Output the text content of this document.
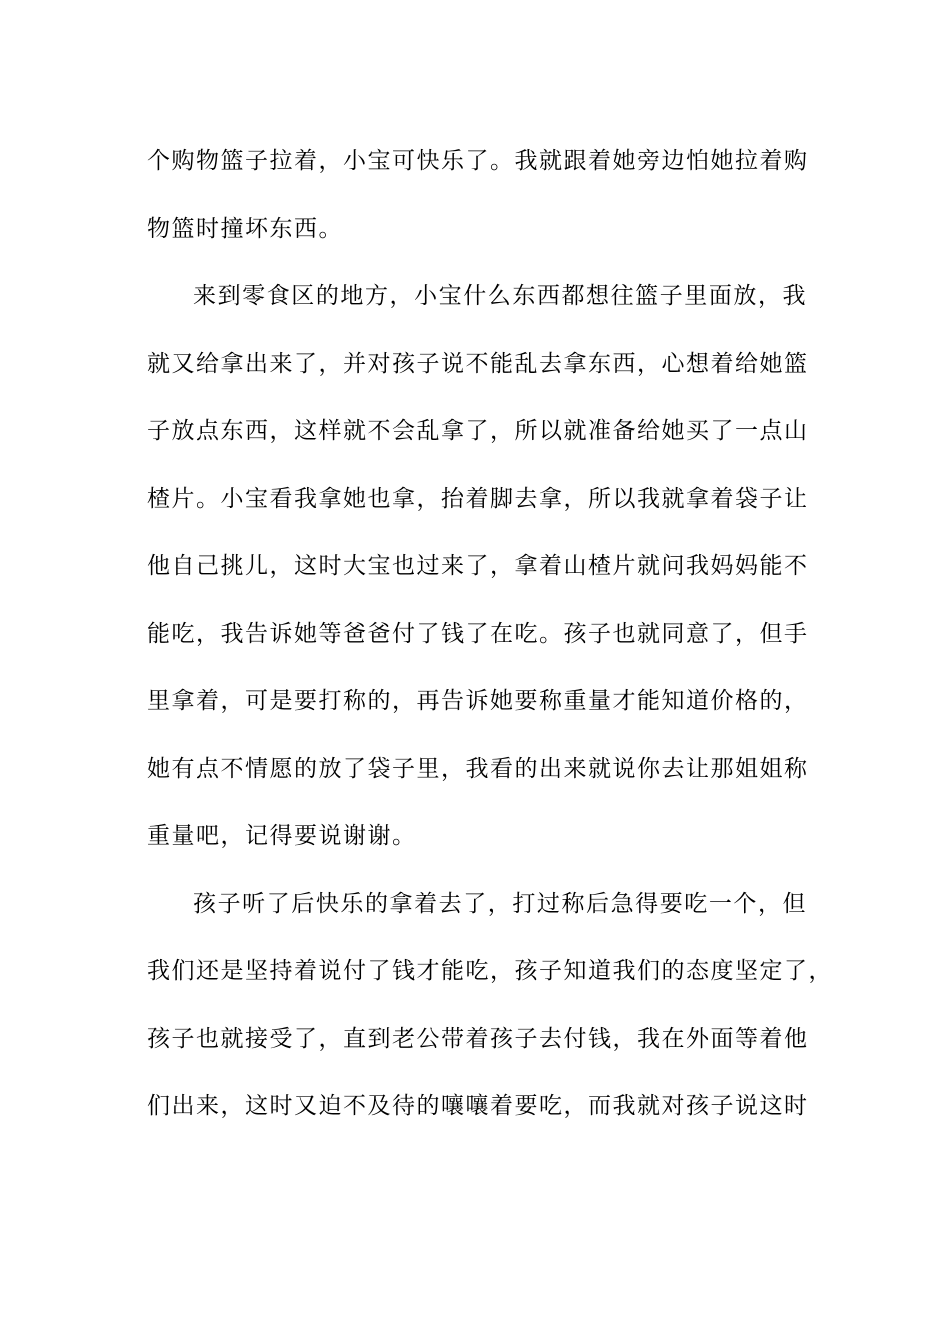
个购物篮子拉着，小宝可快乐了。我就跟着她旁边怕她拉着购
物篮时撞坏东西。
来到零食区的地方，小宝什么东西都想往篮子里面放，我
就又给拿出来了，并对孩子说不能乱去拿东西，心想着给她篮
子放点东西，这样就不会乱拿了，所以就准备给她买了一点山
楂片。小宝看我拿她也拿，抬着脚去拿，所以我就拿着袋子让
他自己挑儿，这时大宝也过来了，拿着山楂片就问我妈妈能不
能吃，我告诉她等爸爸付了钱了在吃。孩子也就同意了，但手
里拿着，可是要打称的，再告诉她要称重量才能知道价格的，
她有点不情愿的放了袋子里，我看的出来就说你去让那姐姐称
重量吧，记得要说谢谢。
孩子听了后快乐的拿着去了，打过称后急得要吃一个，但
我们还是坚持着说付了钱才能吃，孩子知道我们的态度坚定了，
孩子也就接受了，直到老公带着孩子去付钱，我在外面等着他
们出来，这时又迫不及待的嚷嚷着要吃，而我就对孩子说这时
